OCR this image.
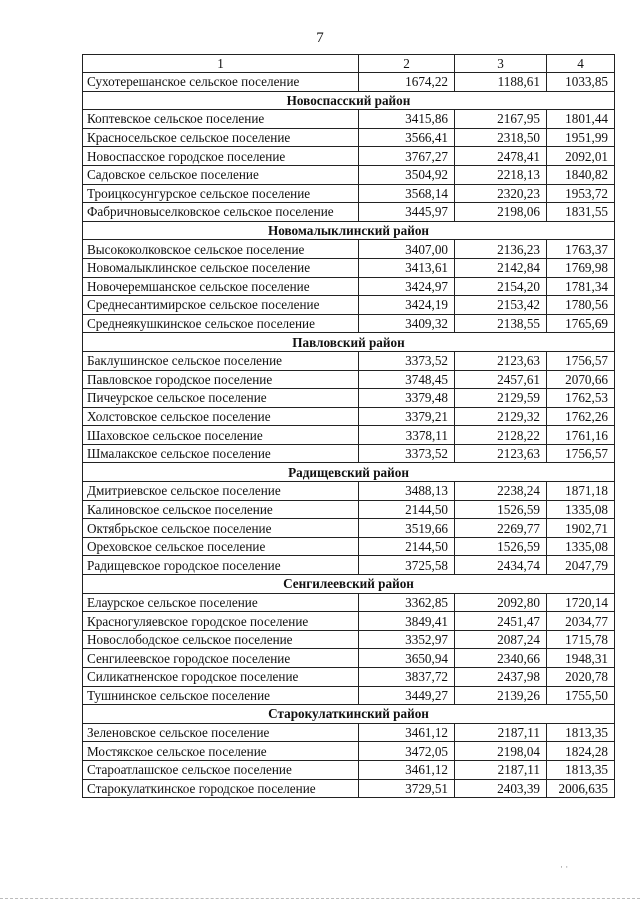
7
1	2	3	4
Сухотерешанское сельское поселение	1674,22	1188,61	1033,85
Новоспасский район			
Коптевское сельское поселение	3415,86	2167,95	1801,44
Красносельское сельское поселение	3566,41	2318,50	1951,99
Новоспасское городское поселение	3767,27	2478,41	2092,01
Садовское сельское поселение	3504,92	2218,13	1840,82
Троицкосунгурское сельское поселение	3568,14	2320,23	1953,72
Фабричновыселковское сельское поселение	3445,97	2198,06	1831,55
Новомалыклинский район			
Высококолковское сельское поселение	3407,00	2136,23	1763,37
Новомалыклинское сельское поселение	3413,61	2142,84	1769,98
Новочеремшанское сельское поселение	3424,97	2154,20	1781,34
Среднесантимирское сельское поселение	3424,19	2153,42	1780,56
Среднеякушкинское сельское поселение	3409,32	2138,55	1765,69
Павловский район			
Баклушинское сельское поселение	3373,52	2123,63	1756,57
Павловское городское поселение	3748,45	2457,61	2070,66
Пичеурское сельское поселение	3379,48	2129,59	1762,53
Холстовское сельское поселение	3379,21	2129,32	1762,26
Шаховское сельское поселение	3378,11	2128,22	1761,16
Шмалакское сельское поселение	3373,52	2123,63	1756,57
Радищевский район			
Дмитриевское сельское поселение	3488,13	2238,24	1871,18
Калиновское сельское поселение	2144,50	1526,59	1335,08
Октябрьское сельское поселение	3519,66	2269,77	1902,71
Ореховское сельское поселение	2144,50	1526,59	1335,08
Радищевское городское поселение	3725,58	2434,74	2047,79
Сенгилеевский район			
Елаурское сельское поселение	3362,85	2092,80	1720,14
Красногуляевское городское поселение	3849,41	2451,47	2034,77
Новослободское сельское поселение	3352,97	2087,24	1715,78
Сенгилеевское городское поселение	3650,94	2340,66	1948,31
Силикатненское городское поселение	3837,72	2437,98	2020,78
Тушнинское сельское поселение	3449,27	2139,26	1755,50
Старокулаткинский район			
Зеленовское сельское поселение	3461,12	2187,11	1813,35
Мостякское сельское поселение	3472,05	2198,04	1824,28
Староатлашское сельское поселение	3461,12	2187,11	1813,35
Старокулаткинское городское поселение	3729,51	2403,39	2006,635
· ·
